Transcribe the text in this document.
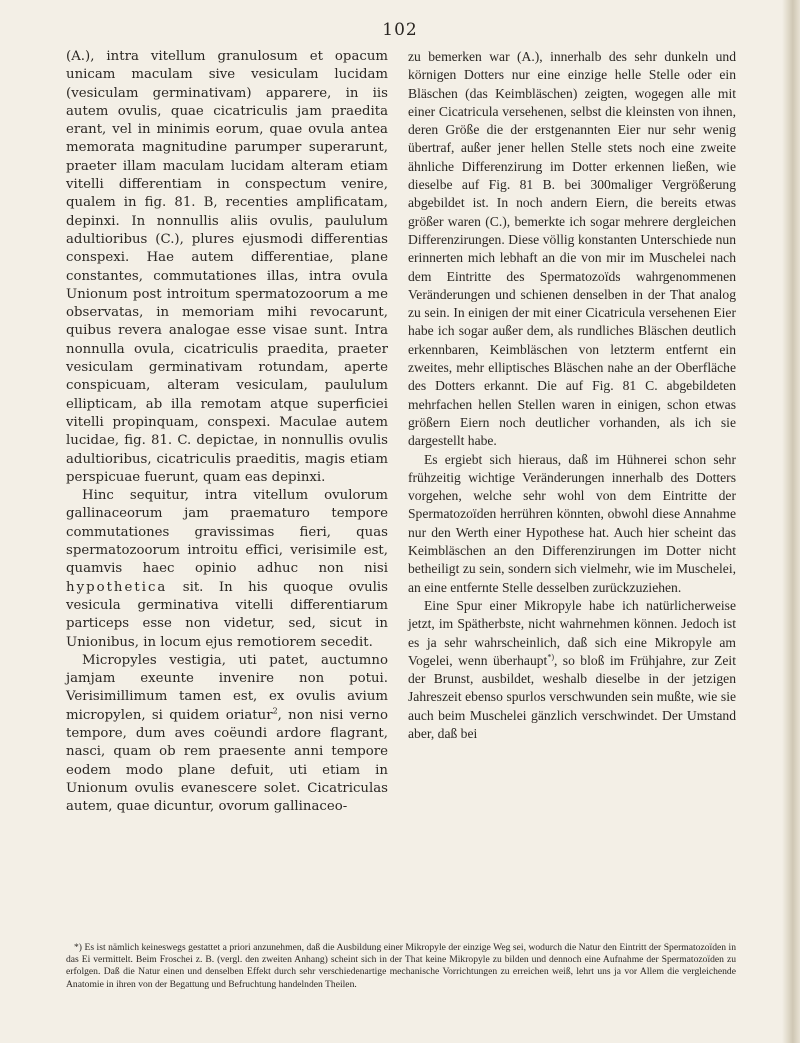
102

(A.), intra vitellum granulosum et opacum unicam maculam sive vesiculam lucidam (vesiculam germinativam) apparere, in iis autem ovulis, quae cicatriculis jam praedita erant, vel in minimis eorum, quae ovula antea memorata magnitudine parumper superarunt, praeter illam maculam lucidam alteram etiam vitelli differentiam in conspectum venire, qualem in fig. 81. B, recenties amplificatam, depinxi. In nonnullis aliis ovulis, paululum adultioribus (C.), plures ejusmodi differentias conspexi. Hae autem differentiae, plane constantes, commutationes illas, intra ovula Unionum post introitum spermatozoorum a me observatas, in memoriam mihi revocarunt, quibus revera analogae esse visae sunt. Intra nonnulla ovula, cicatriculis praedita, praeter vesiculam germinativam rotundam, aperte conspicuam, alteram vesiculam, paululum ellipticam, ab illa remotam atque superficiei vitelli propinquam, conspexi. Maculae autem lucidae, fig. 81. C. depictae, in nonnullis ovulis adultioribus, cicatriculis praeditis, magis etiam perspicuae fuerunt, quam eas depinxi.

Hinc sequitur, intra vitellum ovulorum gallinaceorum jam praematuro tempore commutationes gravissimas fieri, quas spermatozoorum introitu effici, verisimile est, quamvis haec opinio adhuc non nisi hypothetica sit. In his quoque ovulis vesicula germinativa vitelli differentiarum particeps esse non videtur, sed, sicut in Unionibus, in locum ejus remotiorem secedit.

Micropyles vestigia, uti patet, auctumno jamjam exeunte invenire non potui. Verisimillimum tamen est, ex ovulis avium micropylen, si quidem oriatur$^2$, non nisi verno tempore, dum aves coëundi ardore flagrant, nasci, quam ob rem praesente anni tempore eodem modo plane defuit, uti etiam in Unionum ovulis evanescere solet. Cicatriculas autem, quae dicuntur, ovorum gallinaceo-

zu bemerken war (A.), innerhalb des sehr dunkeln und körnigen Dotters nur eine einzige helle Stelle oder ein Bläschen (das Keimbläschen) zeigten, wogegen alle mit einer Cicatricula versehenen, selbst die kleinsten von ihnen, deren Größe die der erstgenannten Eier nur sehr wenig übertraf, außer jener hellen Stelle stets noch eine zweite ähnliche Differenzirung im Dotter erkennen ließen, wie dieselbe auf Fig. 81 B. bei 300maliger Vergrößerung abgebildet ist. In noch andern Eiern, die bereits etwas größer waren (C.), bemerkte ich sogar mehrere dergleichen Differenzirungen. Diese völlig konstanten Unterschiede nun erinnerten mich lebhaft an die von mir im Muschelei nach dem Eintritte des Spermatozoïds wahrgenommenen Veränderungen und schienen denselben in der That analog zu sein. In einigen der mit einer Cicatricula versehenen Eier habe ich sogar außer dem, als rundliches Bläschen deutlich erkennbaren, Keimbläschen von letzterm entfernt ein zweites, mehr elliptisches Bläschen nahe an der Oberfläche des Dotters erkannt. Die auf Fig. 81 C. abgebildeten mehrfachen hellen Stellen waren in einigen, schon etwas größern Eiern noch deutlicher vorhanden, als ich sie dargestellt habe.

Es ergiebt sich hieraus, daß im Hühnerei schon sehr frühzeitig wichtige Veränderungen innerhalb des Dotters vorgehen, welche sehr wohl von dem Eintritte der Spermatozoïden herrühren könnten, obwohl diese Annahme nur den Werth einer Hypothese hat. Auch hier scheint das Keimbläschen an den Differenzirungen im Dotter nicht betheiligt zu sein, sondern sich vielmehr, wie im Muschelei, an eine entfernte Stelle desselben zurückzuziehen.

Eine Spur einer Mikropyle habe ich natürlicherweise jetzt, im Spätherbste, nicht wahrnehmen können. Jedoch ist es ja sehr wahrscheinlich, daß sich eine Mikropyle am Vogelei, wenn überhaupt*), so bloß im Frühjahre, zur Zeit der Brunst, ausbildet, weshalb dieselbe in der jetzigen Jahreszeit ebenso spurlos verschwunden sein mußte, wie sie auch beim Muschelei gänzlich verschwindet. Der Umstand aber, daß bei

*) Es ist nämlich keineswegs gestattet a priori anzunehmen, daß die Ausbildung einer Mikropyle der einzige Weg sei, wodurch die Natur den Eintritt der Spermatozoïden in das Ei vermittelt. Beim Froschei z. B. (vergl. den zweiten Anhang) scheint sich in der That keine Mikropyle zu bilden und dennoch eine Aufnahme der Spermatozoïden zu erfolgen. Daß die Natur einen und denselben Effekt durch sehr verschiedenartige mechanische Vorrichtungen zu erreichen weiß, lehrt uns ja vor Allem die vergleichende Anatomie in ihren von der Begattung und Befruchtung handelnden Theilen.
